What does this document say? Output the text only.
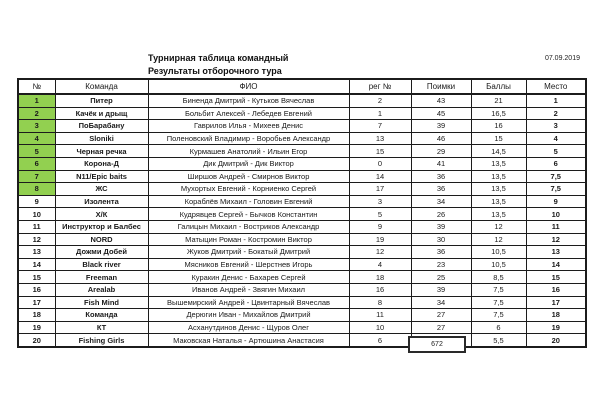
Турнирная таблица командный
Результаты отборочного тура
07.09.2019
№	Команда	ФИО	рег №	Поимки	Баллы	Место
1	Питер	Биненда Дмитрий - Кутьков Вячеслав	2	43	21	1
2	Качёк и дрыщ	Больбит Алексей - Лебедев Евгений	1	45	16,5	2
3	ПоБарабану	Гаврилов Илья - Михеев Денис	7	39	16	3
4	Sloniki	Поленовский Владимир - Воробьев Александр	13	46	15	4
5	Черная речка	Курмашев Анатолий - Ильин Егор	15	29	14,5	5
6	Корона-Д	Дик Дмитрий - Дик Виктор	0	41	13,5	6
7	N11/Epic baits	Ширшов Андрей - Смирнов Виктор	14	36	13,5	7,5
8	ЖС	Мухортых Евгений - Корниенко Сергей	17	36	13,5	7,5
9	Изолента	Кораблёв Михаил - Головин Евгений	3	34	13,5	9
10	Х/К	Кудрявцев Сергей - Бычков Константин	5	26	13,5	10
11	Инструктор и Балбес	Галицын Михаил - Востриков Александр	9	39	12	11
12	NORD	Матыцин Роман - Костромин Виктор	19	30	12	12
13	Дожми Добей	Жуков Дмитрий - Бокатый Дмитрий	12	36	10,5	13
14	Black river	Мясников Евгений - Шерстнев Игорь	4	23	10,5	14
15	Freeman	Куракин Денис - Бахарев Сергей	18	25	8,5	15
16	Arealab	Иванов Андрей - Звягин Михаил	16	39	7,5	16
17	Fish Mind	Вышемирский Андрей - Цвинтарный Вячеслав	8	34	7,5	17
18	Команда	Дерюгин Иван - Михайлов Дмитрий	11	27	7,5	18
19	КТ	Асханутдинов Денис - Щуров Олег	10	27	6	19
20	Fishing Girls	Маковская Наталья - Артюшина Анастасия	6		5,5	20
672
